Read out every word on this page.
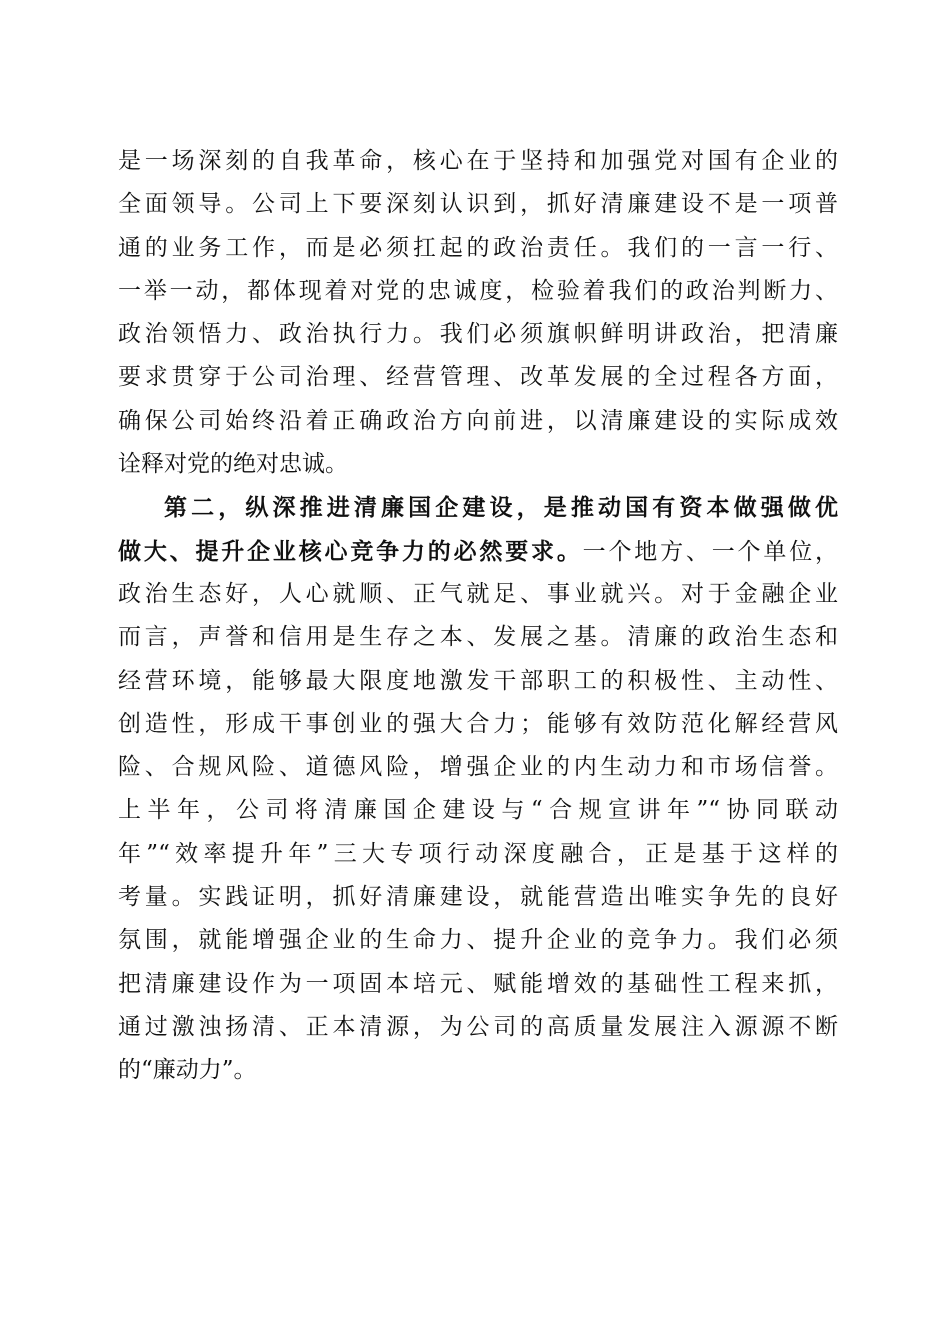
是一场深刻的自我革命，核心在于坚持和加强党对国有企业的
全面领导。公司上下要深刻认识到，抓好清廉建设不是一项普
通的业务工作，而是必须扛起的政治责任。我们的一言一行、
一举一动，都体现着对党的忠诚度，检验着我们的政治判断力、
政治领悟力、政治执行力。我们必须旗帜鲜明讲政治，把清廉
要求贯穿于公司治理、经营管理、改革发展的全过程各方面，
确保公司始终沿着正确政治方向前进，以清廉建设的实际成效
诠释对党的绝对忠诚。
第二，纵深推进清廉国企建设，是推动国有资本做强做优
做大、提升企业核心竞争力的必然要求。一个地方、一个单位，
政治生态好，人心就顺、正气就足、事业就兴。对于金融企业
而言，声誉和信用是生存之本、发展之基。清廉的政治生态和
经营环境，能够最大限度地激发干部职工的积极性、主动性、
创造性，形成干事创业的强大合力；能够有效防范化解经营风
险、合规风险、道德风险，增强企业的内生动力和市场信誉。
上半年，公司将清廉国企建设与“合规宣讲年”“协同联动
年”“效率提升年”三大专项行动深度融合，正是基于这样的
考量。实践证明，抓好清廉建设，就能营造出唯实争先的良好
氛围，就能增强企业的生命力、提升企业的竞争力。我们必须
把清廉建设作为一项固本培元、赋能增效的基础性工程来抓，
通过激浊扬清、正本清源，为公司的高质量发展注入源源不断
的“廉动力”。
